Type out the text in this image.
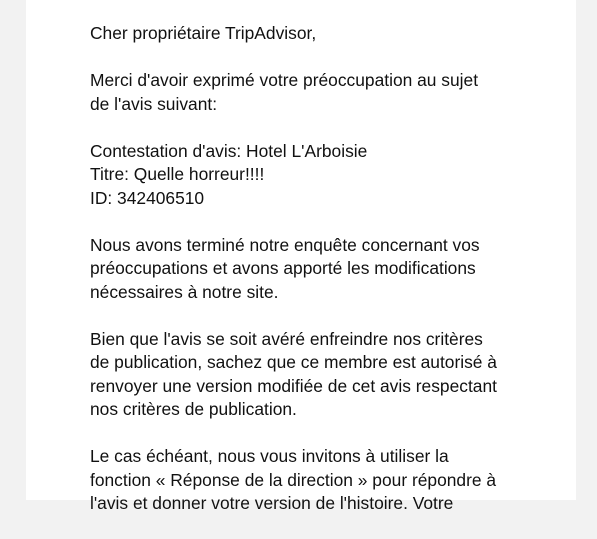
Cher propriétaire TripAdvisor,

Merci d'avoir exprimé votre préoccupation au sujet
de l'avis suivant:

Contestation d'avis: Hotel L'Arboisie
Titre: Quelle horreur!!!!
ID: 342406510

Nous avons terminé notre enquête concernant vos
préoccupations et avons apporté les modifications
nécessaires à notre site.

Bien que l'avis se soit avéré enfreindre nos critères
de publication, sachez que ce membre est autorisé à
renvoyer une version modifiée de cet avis respectant
nos critères de publication.

Le cas échéant, nous vous invitons à utiliser la
fonction « Réponse de la direction » pour répondre à
l'avis et donner votre version de l'histoire. Votre
